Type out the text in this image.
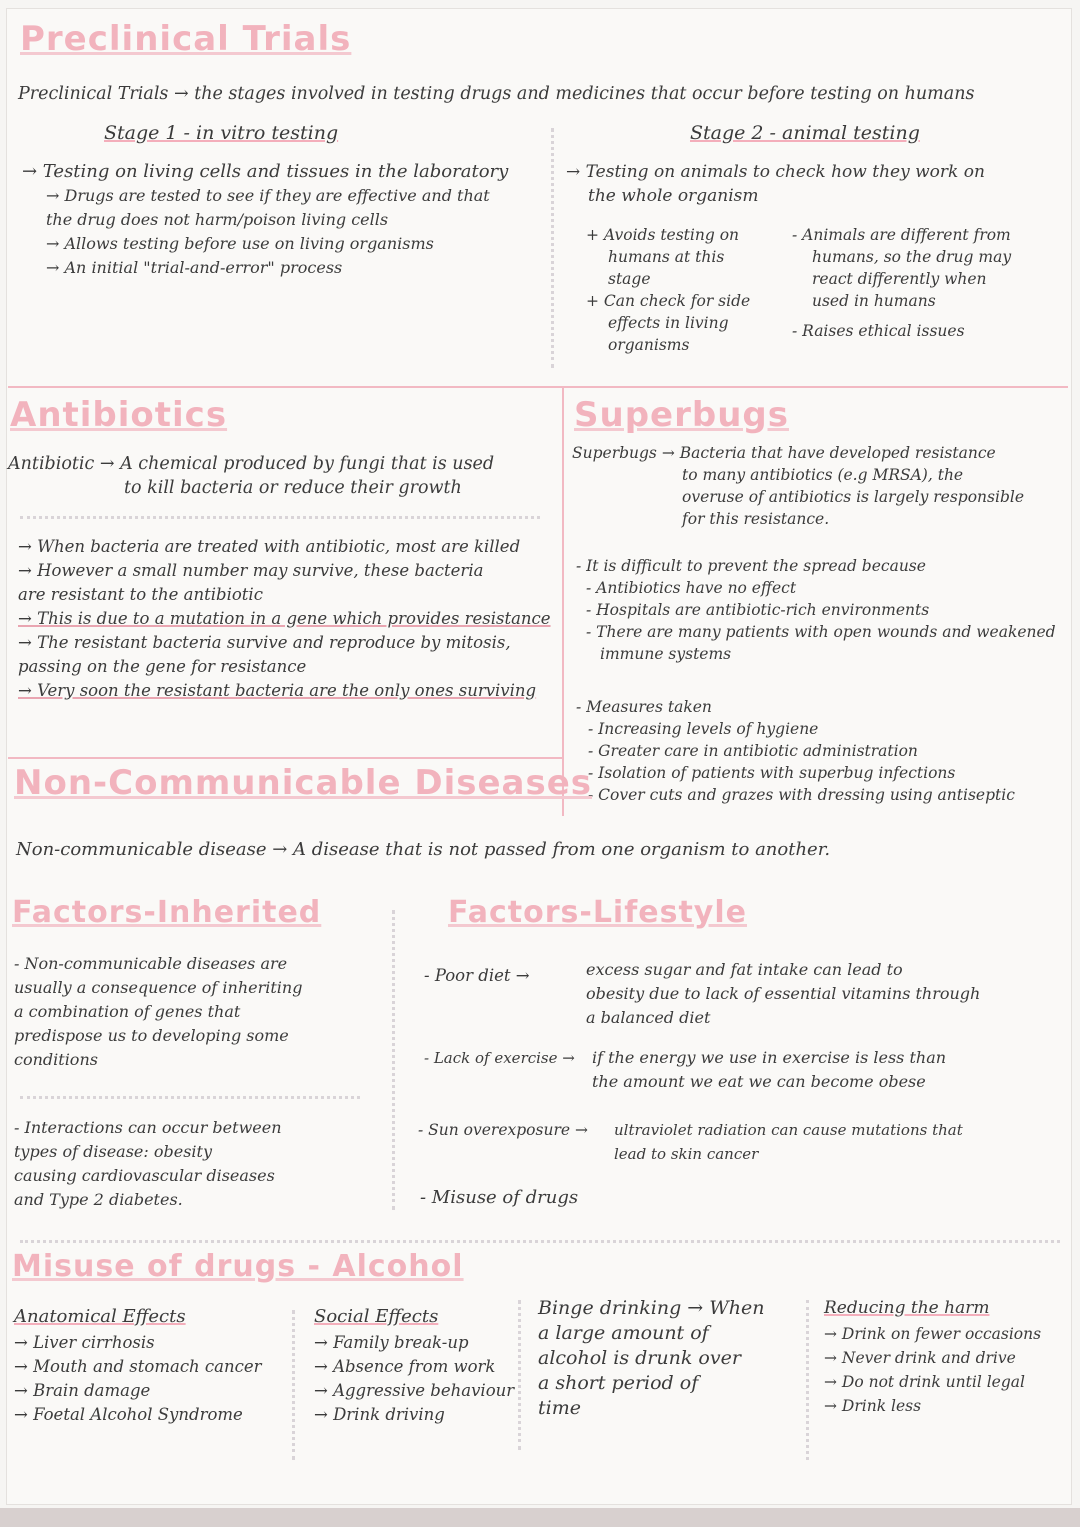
Preclinical Trials
Preclinical Trials → the stages involved in testing drugs and medicines that occur before testing on humans
Stage 1 - in vitro testing
→ Testing on living cells and tissues in the laboratory
→ Drugs are tested to see if they are effective and that
the drug does not harm/poison living cells
→ Allows testing before use on living organisms
→ An initial "trial-and-error" process
Stage 2 - animal testing
→ Testing on animals to check how they work on
the whole organism
+ Avoids testing on
humans at this
stage
+ Can check for side
effects in living
organisms
- Animals are different from
humans, so the drug may
react differently when
used in humans
- Raises ethical issues
Antibiotics
Antibiotic → A chemical produced by fungi that is used
to kill bacteria or reduce their growth
→ When bacteria are treated with antibiotic, most are killed
→ However a small number may survive, these bacteria
are resistant to the antibiotic
→ This is due to a mutation in a gene which provides resistance
→ The resistant bacteria survive and reproduce by mitosis,
passing on the gene for resistance
→ Very soon the resistant bacteria are the only ones surviving
Superbugs
Superbugs → Bacteria that have developed resistance
to many antibiotics (e.g MRSA), the
overuse of antibiotics is largely responsible
for this resistance.
- It is difficult to prevent the spread because
- Antibiotics have no effect
- Hospitals are antibiotic-rich environments
- There are many patients with open wounds and weakened
immune systems
- Measures taken
- Increasing levels of hygiene
- Greater care in antibiotic administration
- Isolation of patients with superbug infections
- Cover cuts and grazes with dressing using antiseptic
Non-Communicable Diseases
Non-communicable disease → A disease that is not passed from one organism to another.
Factors-Inherited
- Non-communicable diseases are
usually a consequence of inheriting
a combination of genes that
predispose us to developing some
conditions
- Interactions can occur between
types of disease: obesity
causing cardiovascular diseases
and Type 2 diabetes.
Factors-Lifestyle
- Poor diet →	excess sugar and fat intake can lead to
obesity due to lack of essential vitamins through
a balanced diet
- Lack of exercise → if the energy we use in exercise is less than
the amount we eat we can become obese
- Sun overexposure → ultraviolet radiation can cause mutations that
lead to skin cancer
- Misuse of drugs
Misuse of drugs - Alcohol
Anatomical Effects
→ Liver cirrhosis
→ Mouth and stomach cancer
→ Brain damage
→ Foetal Alcohol Syndrome
Social Effects
→ Family break-up
→ Absence from work
→ Aggressive behaviour
→ Drink driving
Binge drinking → When
a large amount of
alcohol is drunk over
a short period of
time
Reducing the harm
→ Drink on fewer occasions
→ Never drink and drive
→ Do not drink until legal
→ Drink less
